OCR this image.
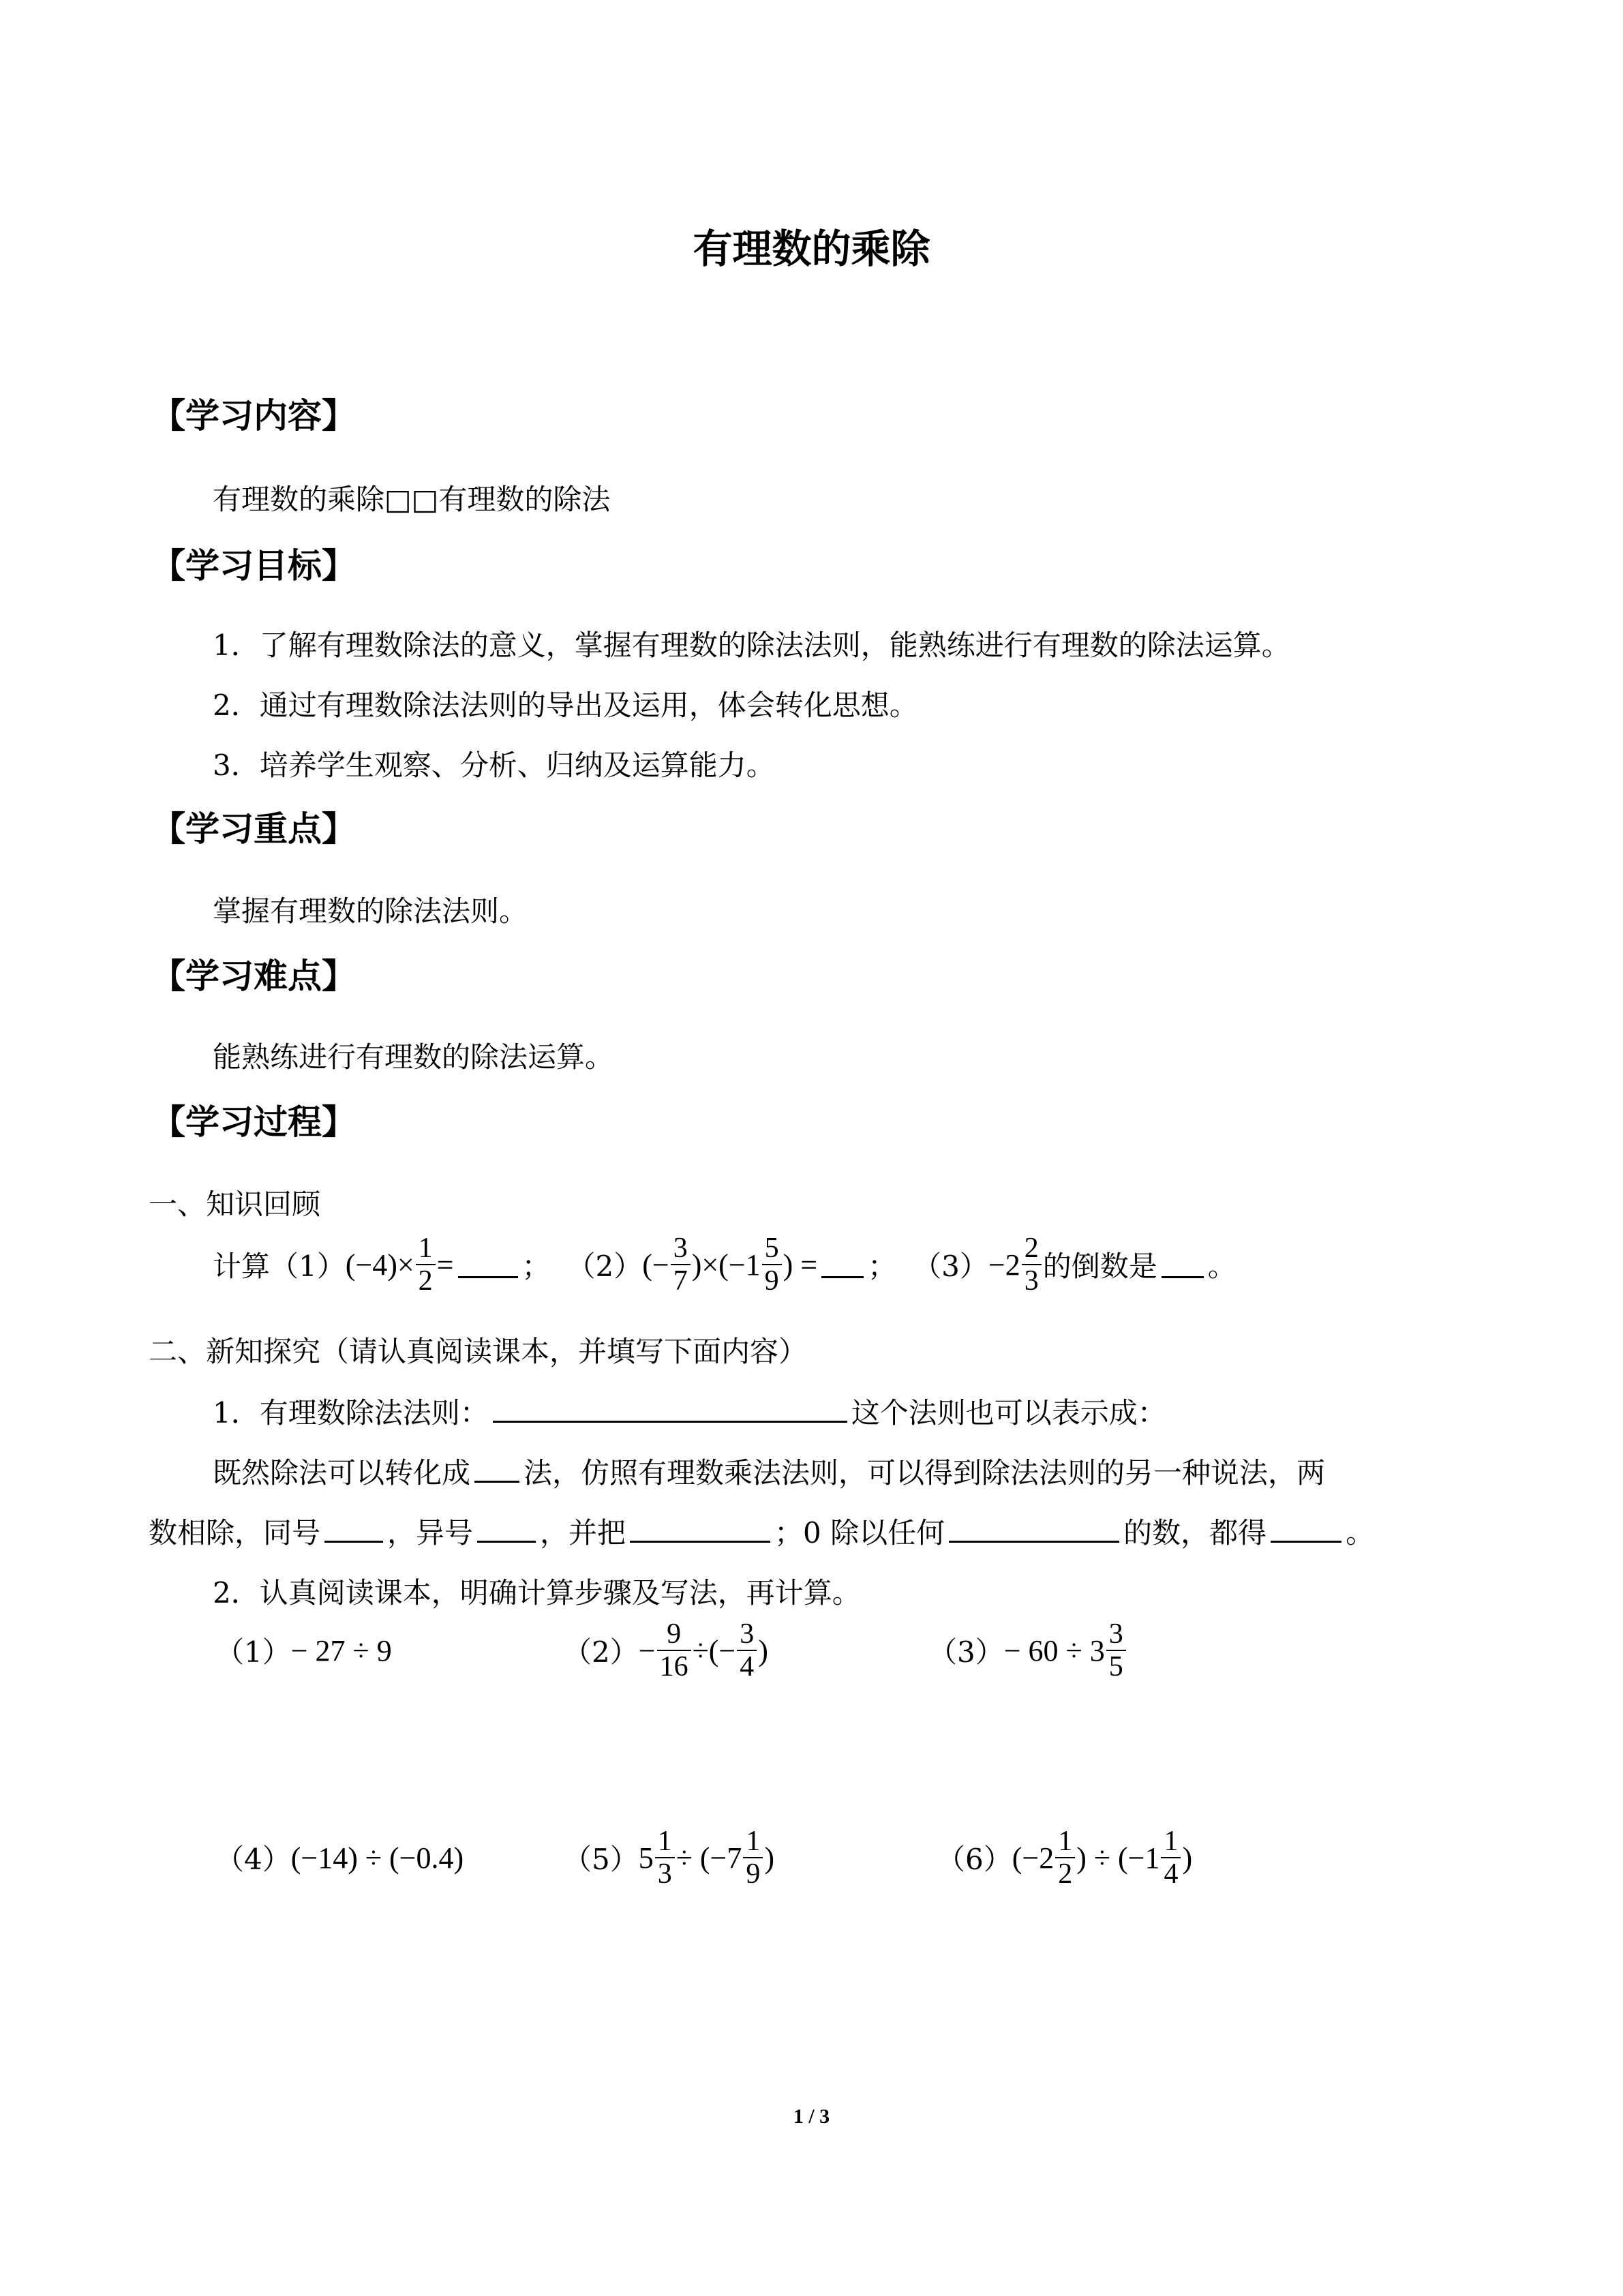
有理数的乘除
【学习内容】
有理数的乘除□□有理数的除法
【学习目标】
1．了解有理数除法的意义，掌握有理数的除法法则，能熟练进行有理数的除法运算。
2．通过有理数除法法则的导出及运用，体会转化思想。
3．培养学生观察、分析、归纳及运算能力。
【学习重点】
掌握有理数的除法法则。
【学习难点】
能熟练进行有理数的除法运算。
【学习过程】
一、知识回顾
计算（1） $(-4)\times \frac{1}{2}$ = ； （2） (− $\frac{3}{7} )\times(-1 \frac{5}{9}$ ) = ； $(3) -2 \frac{2}{3}$ 的倒数是 。
二、新知探究（请认真阅读课本，并填写下面内容）
1．有理数除法法则：	这个法则也可以表示成：
既然除法可以转化成 法，仿照有理数乘法法则，可以得到除法法则的另一种说法，两
数相除，同号 ，异号 ，并把	；0 除以任何	的数，都得	。
2．认真阅读课本，明确计算步骤及写法，再计算。
（1） − 27 ÷ 9	$(2) - \frac{9}{16}$ ÷(− $\frac{3}{4}$ )	$(3) - 60 \div 3 \frac{3}{5}$
（4） (−14) ÷ (−0.4)	（5） $5 \frac{1}{3} \div (-7 \frac{1}{9}$ )	（6） ($-2 \frac{1}{2}$ ) ÷ ($-1 \frac{1}{4}$ )
1 / 3
